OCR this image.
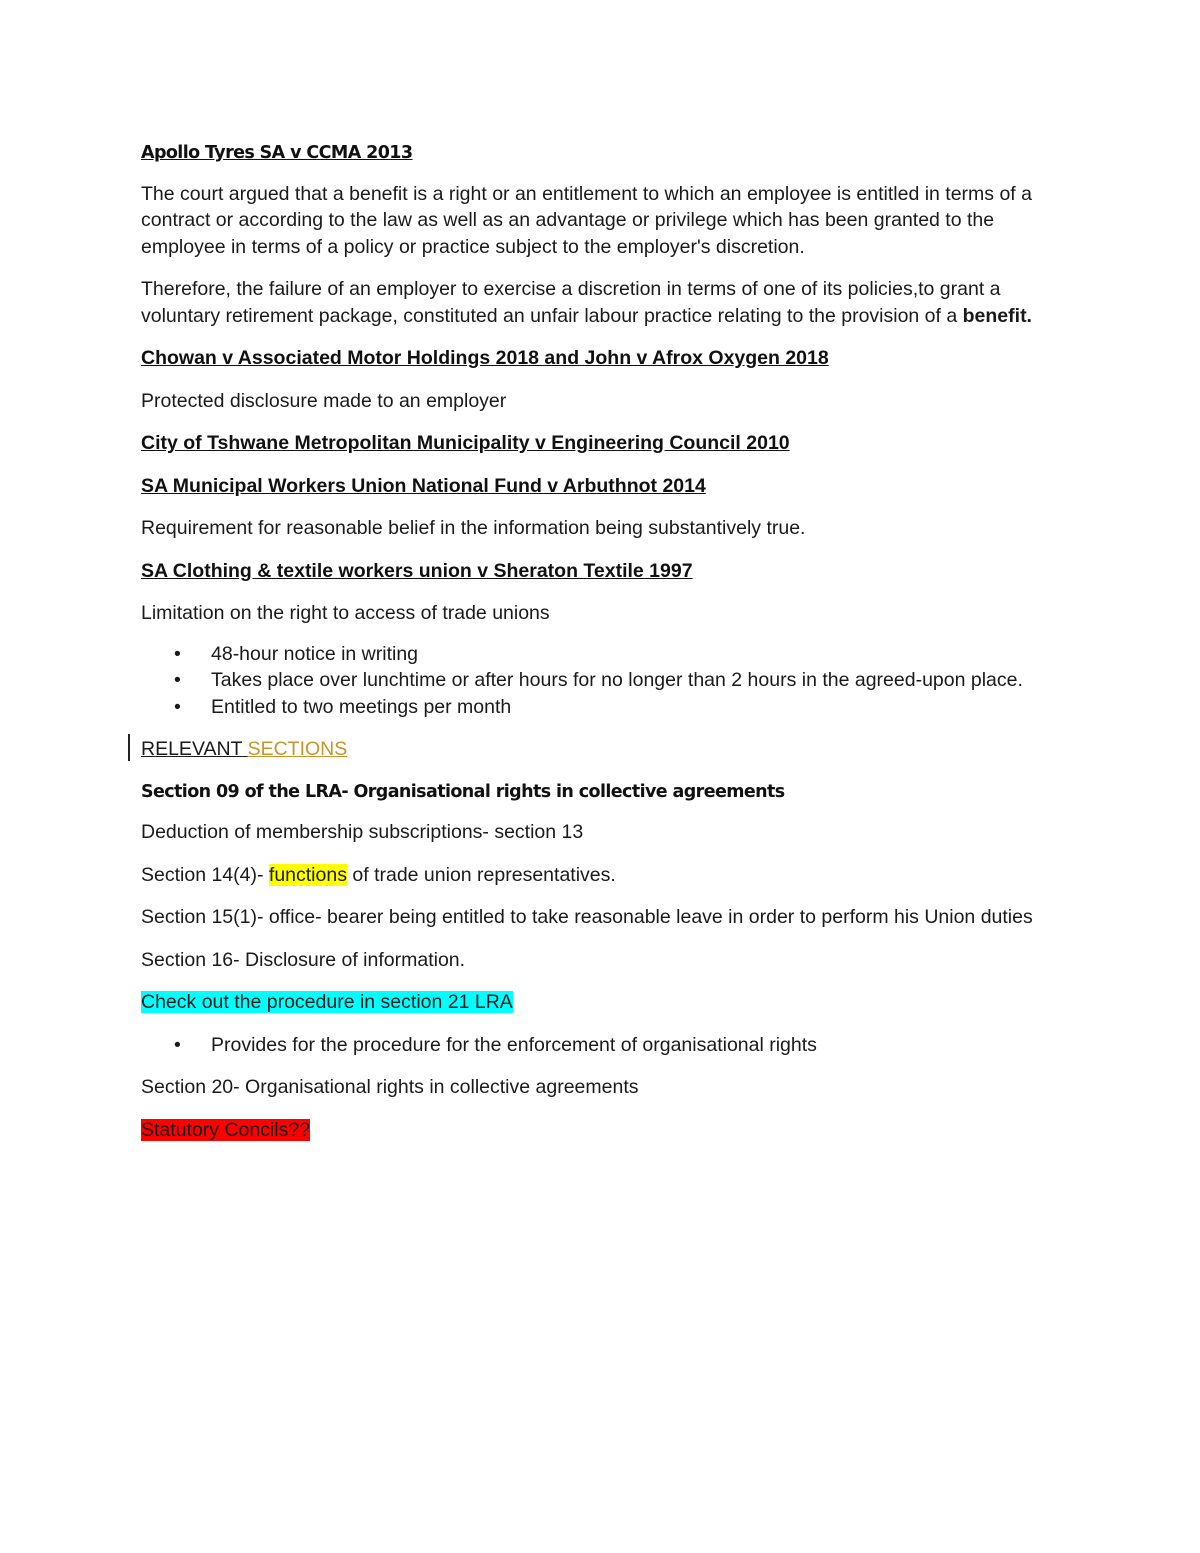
Apollo Tyres SA v CCMA 2013

The court argued that a benefit is a right or an entitlement to which an employee is entitled in terms of a contract or according to the law as well as an advantage or privilege which has been granted to the employee in terms of a policy or practice subject to the employer's discretion.

Therefore, the failure of an employer to exercise a discretion in terms of one of its policies,to grant a voluntary retirement package, constituted an unfair labour practice relating to the provision of a benefit.

Chowan v Associated Motor Holdings 2018 and John v Afrox Oxygen 2018

Protected disclosure made to an employer

City of Tshwane Metropolitan Municipality v Engineering Council 2010
SA Municipal Workers Union National Fund v Arbuthnot 2014

Requirement for reasonable belief in the information being substantively true.

SA Clothing & textile workers union v Sheraton Textile 1997

Limitation on the right to access of trade unions

• 48-hour notice in writing
• Takes place over lunchtime or after hours for no longer than 2 hours in the agreed-upon place.
• Entitled to two meetings per month
RELEVANT SECTIONS
Section 09 of the LRA- Organisational rights in collective agreements

Deduction of membership subscriptions- section 13

Section 14(4)- functions of trade union representatives.

Section 15(1)- office- bearer being entitled to take reasonable leave in order to perform his Union duties

Section 16- Disclosure of information.

Check out the procedure in section 21 LRA

• Provides for the procedure for the enforcement of organisational rights

Section 20- Organisational rights in collective agreements

Statutory Concils??
